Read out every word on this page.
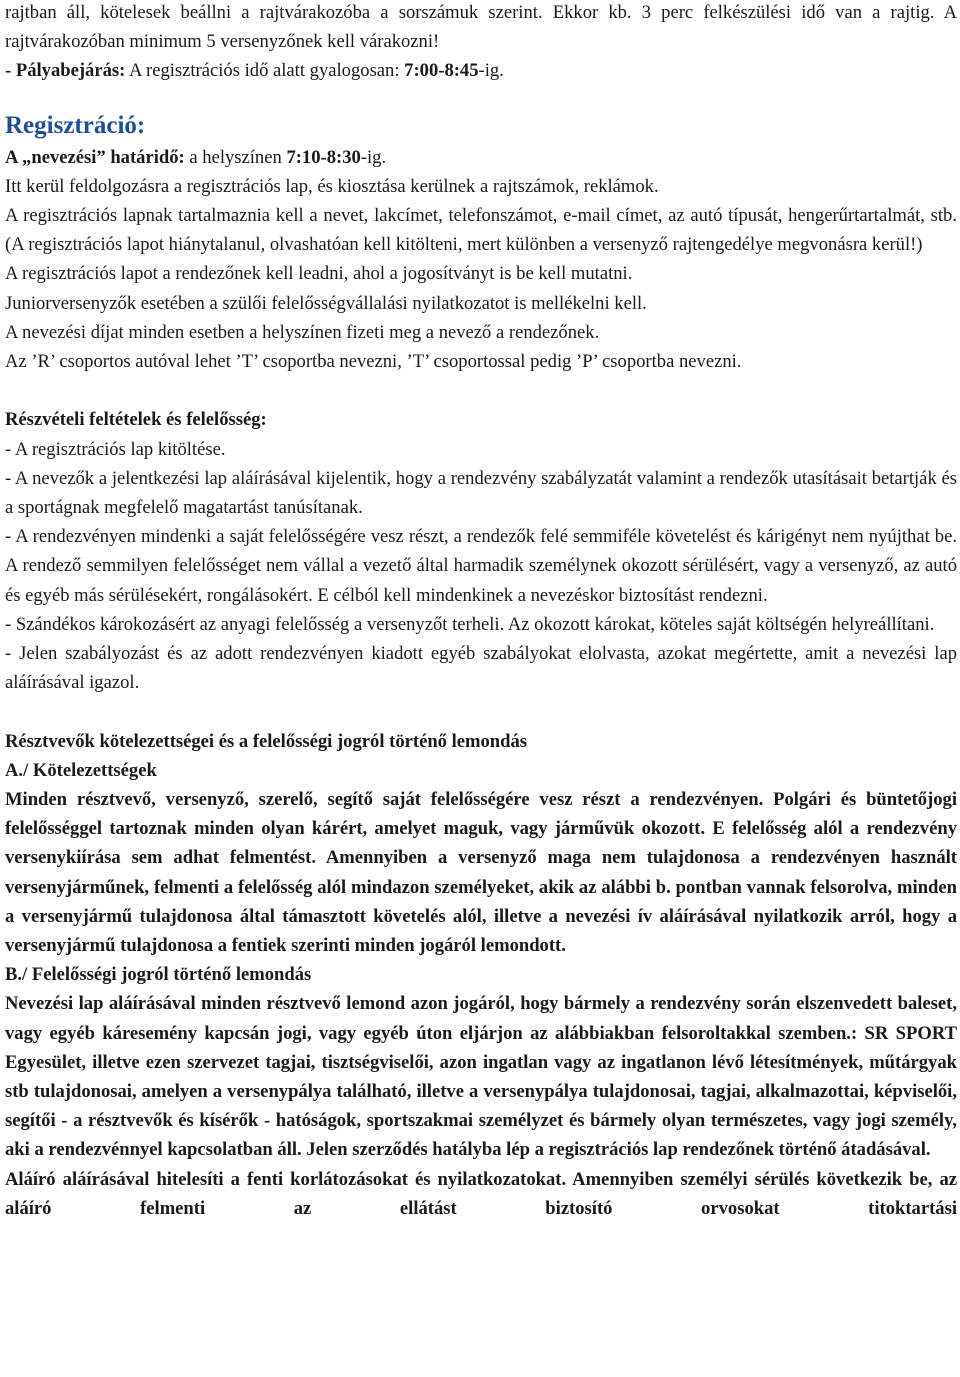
rajtban áll, kötelesek beállni a rajtvárakozóba a sorszámuk szerint. Ekkor kb. 3 perc felkészülési idő van a rajtig. A rajtvárakozóban minimum 5 versenyzőnek kell várakozni!

- Pályabejárás: A regisztrációs idő alatt gyalogosan: 7:00-8:45-ig.

Regisztráció:

A „nevezési” határidő: a helyszínen 7:10-8:30-ig.

Itt kerül feldolgozásra a regisztrációs lap, és kiosztása kerülnek a rajtszámok, reklámok.

A regisztrációs lapnak tartalmaznia kell a nevet, lakcímet, telefonszámot, e-mail címet, az autó típusát, hengerűrtartalmát, stb. (A regisztrációs lapot hiánytalanul, olvashatóan kell kitölteni, mert különben a versenyző rajtengedélye megvonásra kerül!)

A regisztrációs lapot a rendezőnek kell leadni, ahol a jogosítványt is be kell mutatni.

Juniorversenyzők esetében a szülői felelősségvállalási nyilatkozatot is mellékelni kell.

A nevezési díjat minden esetben a helyszínen fizeti meg a nevező a rendezőnek.

Az ’R’ csoportos autóval lehet ’T’ csoportba nevezni, ’T’ csoportossal pedig ’P’ csoportba nevezni.

Részvételi feltételek és felelősség:

- A regisztrációs lap kitöltése.

- A nevezők a jelentkezési lap aláírásával kijelentik, hogy a rendezvény szabályzatát valamint a rendezők utasításait betartják és a sportágnak megfelelő magatartást tanúsítanak.

- A rendezvényen mindenki a saját felelősségére vesz részt, a rendezők felé semmiféle követelést és kárigényt nem nyújthat be. A rendező semmilyen felelősséget nem vállal a vezető által harmadik személynek okozott sérülésért, vagy a versenyző, az autó és egyéb más sérülésekért, rongálásokért. E célból kell mindenkinek a nevezéskor biztosítást rendezni.

- Szándékos károkozásért az anyagi felelősség a versenyzőt terheli. Az okozott károkat, köteles saját költségén helyreállítani.

- Jelen szabályozást és az adott rendezvényen kiadott egyéb szabályokat elolvasta, azokat megértette, amit a nevezési lap aláírásával igazol.

Résztvevők kötelezettségei és a felelősségi jogról történő lemondás

A./ Kötelezettségek

Minden résztvevő, versenyző, szerelő, segítő saját felelősségére vesz részt a rendezvényen. Polgári és büntetőjogi felelősséggel tartoznak minden olyan kárért, amelyet maguk, vagy járművük okozott. E felelősség alól a rendezvény versenykiírása sem adhat felmentést. Amennyiben a versenyző maga nem tulajdonosa a rendezvényen használt versenyjárműnek, felmenti a felelősség alól mindazon személyeket, akik az alábbi b. pontban vannak felsorolva, minden a versenyjármű tulajdonosa által támasztott követelés alól, illetve a nevezési ív aláírásával nyilatkozik arról, hogy a versenyjármű tulajdonosa a fentiek szerinti minden jogáról lemondott.

B./ Felelősségi jogról történő lemondás

Nevezési lap aláírásával minden résztvevő lemond azon jogáról, hogy bármely a rendezvény során elszenvedett baleset, vagy egyéb káresemény kapcsán jogi, vagy egyéb úton eljárjon az alábbiakban felsoroltakkal szemben.: SR SPORT Egyesület, illetve ezen szervezet tagjai, tisztségviselői, azon ingatlan vagy az ingatlanon lévő létesítmények, műtárgyak stb tulajdonosai, amelyen a versenypálya található, illetve a versenypálya tulajdonosai, tagjai, alkalmazottai, képviselői, segítői - a résztvevők és kísérők - hatóságok, sportszakmai személyzet és bármely olyan természetes, vagy jogi személy, aki a rendezvénnyel kapcsolatban áll. Jelen szerződés hatályba lép a regisztrációs lap rendezőnek történő átadásával.

Aláíró aláírásával hitelesíti a fenti korlátozásokat és nyilatkozatokat. Amennyiben személyi sérülés következik be, az aláíró felmenti az ellátást biztosító orvosokat titoktartási
